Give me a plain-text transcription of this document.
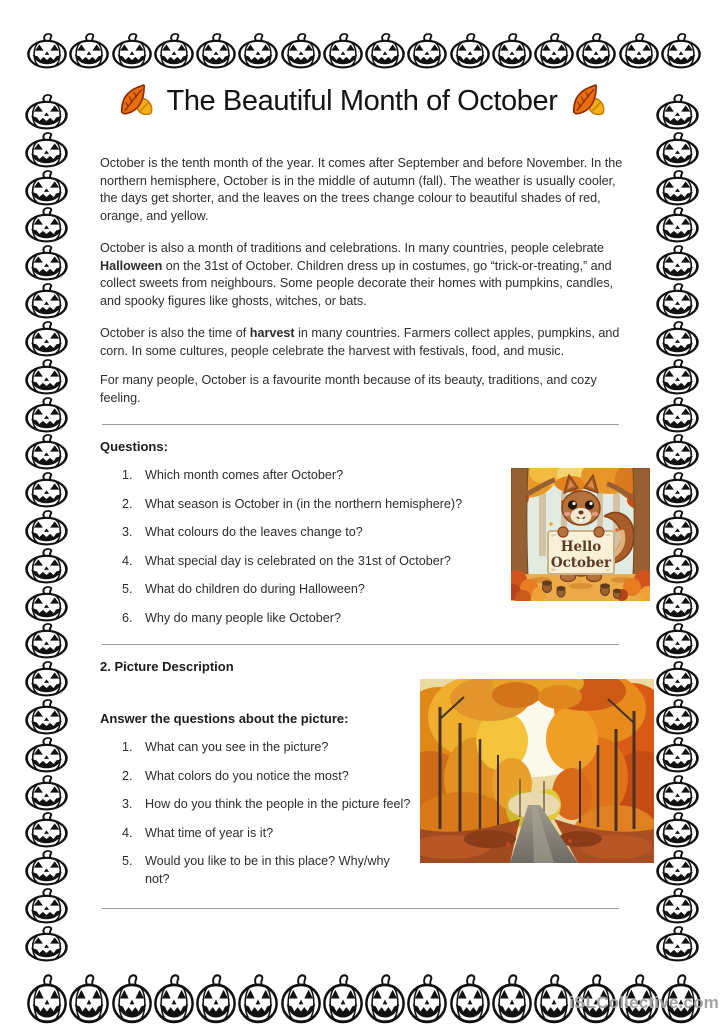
The Beautiful Month of October
October is the tenth month of the year. It comes after September and before November. In the northern hemisphere, October is in the middle of autumn (fall). The weather is usually cooler, the days get shorter, and the leaves on the trees change colour to beautiful shades of red, orange, and yellow.
October is also a month of traditions and celebrations. In many countries, people celebrate Halloween on the 31st of October. Children dress up in costumes, go “trick-or-treating,” and collect sweets from neighbours. Some people decorate their homes with pumpkins, candles, and spooky figures like ghosts, witches, or bats.
October is also the time of harvest in many countries. Farmers collect apples, pumpkins, and corn. In some cultures, people celebrate the harvest with festivals, food, and music.
For many people, October is a favourite month because of its beauty, traditions, and cozy feeling.
Questions:
1. Which month comes after October?
2. What season is October in (in the northern hemisphere)?
3. What colours do the leaves change to?
4. What special day is celebrated on the 31st of October?
5. What do children do during Halloween?
6. Why do many people like October?
Hello
October
2. Picture Description
Answer the questions about the picture:
1. What can you see in the picture?
2. What colors do you notice the most?
3. How do you think the people in the picture feel?
4. What time of year is it?
5. Would you like to be in this place? Why/why not?
iSLCollective.com
